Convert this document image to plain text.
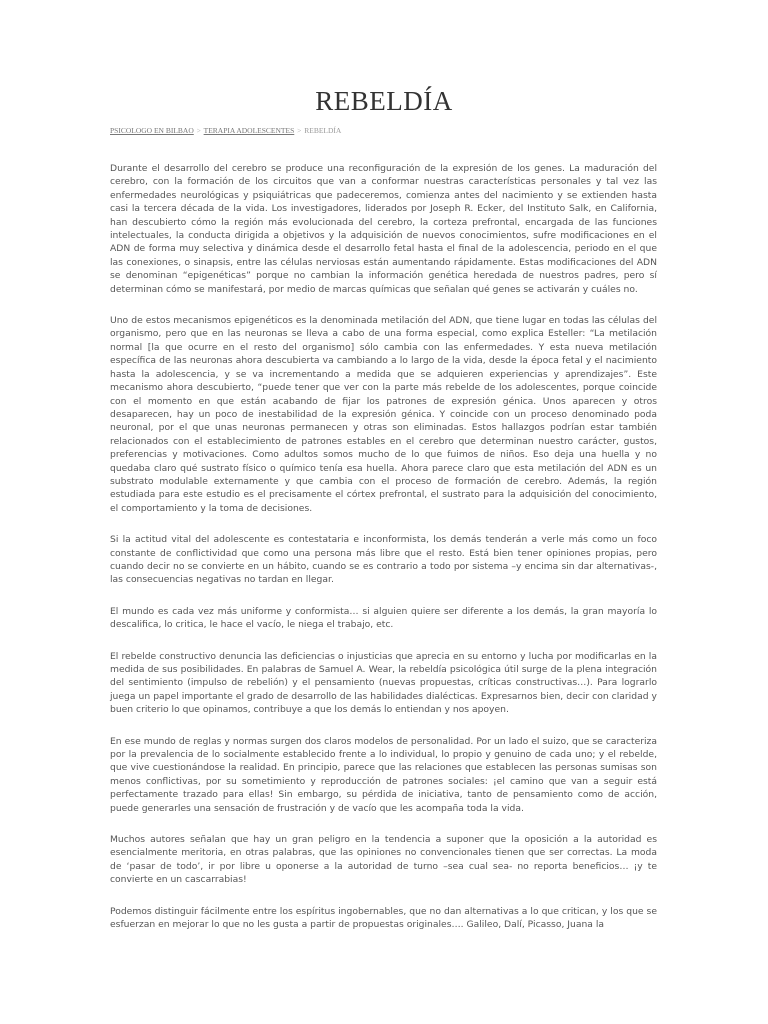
REBELDÍA
PSICOLOGO EN BILBAO > TERAPIA ADOLESCENTES > REBELDÍA

Durante el desarrollo del cerebro se produce una reconfiguración de la expresión de los genes. La maduración del cerebro, con la formación de los circuitos que van a conformar nuestras características personales y tal vez las enfermedades neurológicas y psiquiátricas que padeceremos, comienza antes del nacimiento y se extienden hasta casi la tercera década de la vida. Los investigadores, liderados por Joseph R. Ecker, del Instituto Salk, en California, han descubierto cómo la región más evolucionada del cerebro, la corteza prefrontal, encargada de las funciones intelectuales, la conducta dirigida a objetivos y la adquisición de nuevos conocimientos, sufre modificaciones en el ADN de forma muy selectiva y dinámica desde el desarrollo fetal hasta el final de la adolescencia, periodo en el que las conexiones, o sinapsis, entre las células nerviosas están aumentando rápidamente. Estas modificaciones del ADN se denominan “epigenéticas” porque no cambian la información genética heredada de nuestros padres, pero sí determinan cómo se manifestará, por medio de marcas químicas que señalan qué genes se activarán y cuáles no.

Uno de estos mecanismos epigenéticos es la denominada metilación del ADN, que tiene lugar en todas las células del organismo, pero que en las neuronas se lleva a cabo de una forma especial, como explica Esteller: “La metilación normal [la que ocurre en el resto del organismo] sólo cambia con las enfermedades. Y esta nueva metilación específica de las neuronas ahora descubierta va cambiando a lo largo de la vida, desde la época fetal y el nacimiento hasta la adolescencia, y se va incrementando a medida que se adquieren experiencias y aprendizajes”. Este mecanismo ahora descubierto, “puede tener que ver con la parte más rebelde de los adolescentes, porque coincide con el momento en que están acabando de fijar los patrones de expresión génica. Unos aparecen y otros desaparecen, hay un poco de inestabilidad de la expresión génica. Y coincide con un proceso denominado poda neuronal, por el que unas neuronas permanecen y otras son eliminadas. Estos hallazgos podrían estar también relacionados con el establecimiento de patrones estables en el cerebro que determinan nuestro carácter, gustos, preferencias y motivaciones. Como adultos somos mucho de lo que fuimos de niños. Eso deja una huella y no quedaba claro qué sustrato físico o químico tenía esa huella. Ahora parece claro que esta metilación del ADN es un substrato modulable externamente y que cambia con el proceso de formación de cerebro. Además, la región estudiada para este estudio es el precisamente el córtex prefrontal, el sustrato para la adquisición del conocimiento, el comportamiento y la toma de decisiones.

Si la actitud vital del adolescente es contestataria e inconformista, los demás tenderán a verle más como un foco constante de conflictividad que como una persona más libre que el resto. Está bien tener opiniones propias, pero cuando decir no se convierte en un hábito, cuando se es contrario a todo por sistema –y encima sin dar alternativas-, las consecuencias negativas no tardan en llegar.

El mundo es cada vez más uniforme y conformista… si alguien quiere ser diferente a los demás, la gran mayoría lo descalifica, lo critica, le hace el vacío, le niega el trabajo, etc.

El rebelde constructivo denuncia las deficiencias o injusticias que aprecia en su entorno y lucha por modificarlas en la medida de sus posibilidades. En palabras de Samuel A. Wear, la rebeldía psicológica útil surge de la plena integración del sentimiento (impulso de rebelión) y el pensamiento (nuevas propuestas, críticas constructivas…). Para lograrlo juega un papel importante el grado de desarrollo de las habilidades dialécticas. Expresarnos bien, decir con claridad y buen criterio lo que opinamos, contribuye a que los demás lo entiendan y nos apoyen.

En ese mundo de reglas y normas surgen dos claros modelos de personalidad. Por un lado el suizo, que se caracteriza por la prevalencia de lo socialmente establecido frente a lo individual, lo propio y genuino de cada uno; y el rebelde, que vive cuestionándose la realidad. En principio, parece que las relaciones que establecen las personas sumisas son menos conflictivas, por su sometimiento y reproducción de patrones sociales: ¡el camino que van a seguir está perfectamente trazado para ellas! Sin embargo, su pérdida de iniciativa, tanto de pensamiento como de acción, puede generarles una sensación de frustración y de vacío que les acompaña toda la vida.

Muchos autores señalan que hay un gran peligro en la tendencia a suponer que la oposición a la autoridad es esencialmente meritoria, en otras palabras, que las opiniones no convencionales tienen que ser correctas. La moda de ‘pasar de todo’, ir por libre u oponerse a la autoridad de turno –sea cual sea- no reporta beneficios… ¡y te convierte en un cascarrabias!

Podemos distinguir fácilmente entre los espíritus ingobernables, que no dan alternativas a lo que critican, y los que se esfuerzan en mejorar lo que no les gusta a partir de propuestas originales…. Galileo, Dalí, Picasso, Juana la
